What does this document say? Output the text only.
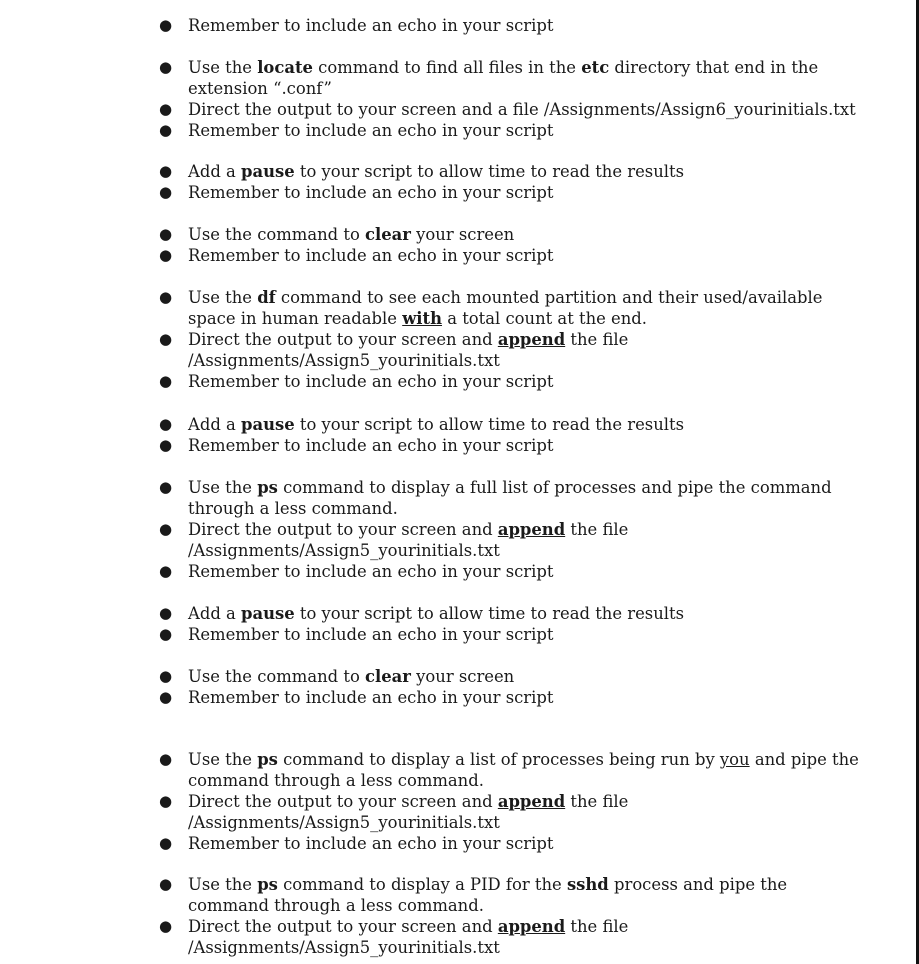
● Remember to include an echo in your script
● Use the locate command to find all files in the etc directory that end in the
extension “.conf”
● Direct the output to your screen and a file /Assignments/Assign6_yourinitials.txt
● Remember to include an echo in your script
● Add a pause to your script to allow time to read the results
● Remember to include an echo in your script
● Use the command to clear your screen
● Remember to include an echo in your script
● Use the df command to see each mounted partition and their used/available
space in human readable with a total count at the end.
● Direct the output to your screen and append the file
/Assignments/Assign5_yourinitials.txt
● Remember to include an echo in your script
● Add a pause to your script to allow time to read the results
● Remember to include an echo in your script
● Use the ps command to display a full list of processes and pipe the command
through a less command.
● Direct the output to your screen and append the file
/Assignments/Assign5_yourinitials.txt
● Remember to include an echo in your script
● Add a pause to your script to allow time to read the results
● Remember to include an echo in your script
● Use the command to clear your screen
● Remember to include an echo in your script
● Use the ps command to display a list of processes being run by you and pipe the
command through a less command.
● Direct the output to your screen and append the file
/Assignments/Assign5_yourinitials.txt
● Remember to include an echo in your script
● Use the ps command to display a PID for the sshd process and pipe the
command through a less command.
● Direct the output to your screen and append the file
/Assignments/Assign5_yourinitials.txt
